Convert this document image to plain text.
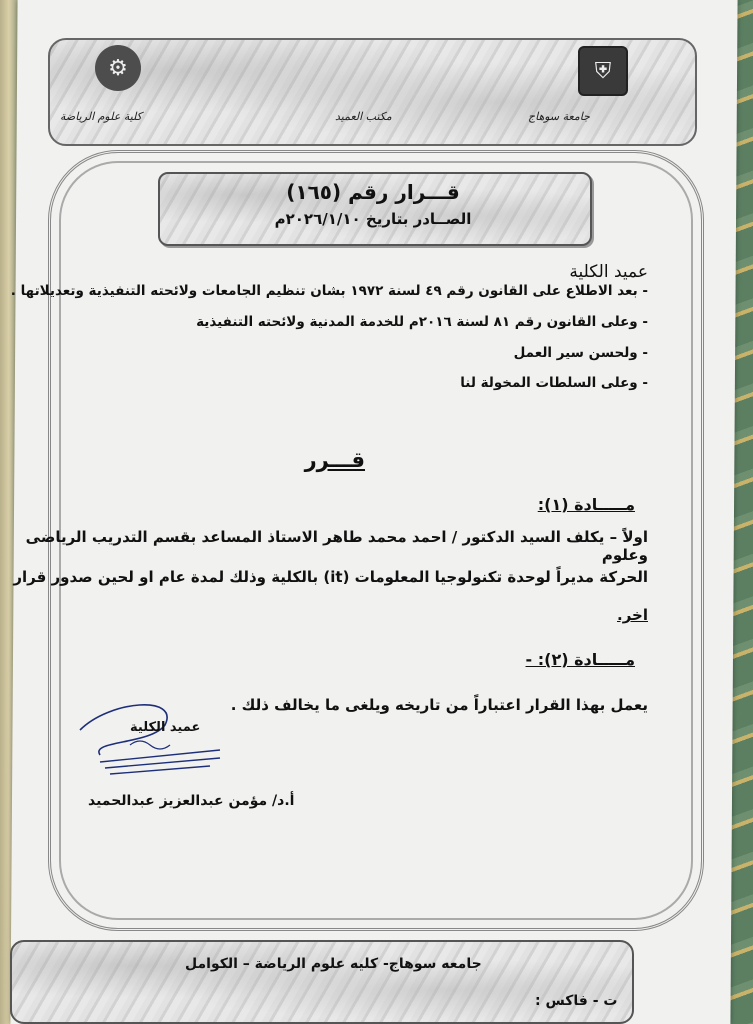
⚙	⛨
كلية علوم الرياضة	مكتب العميد	جامعة سوهاج
قـــرار رقم (١٦٥)
الصــادر بتاريخ ٢٠٢٦/١/١٠م
عميد الكلية
- بعد الاطلاع على القانون رقم ٤٩ لسنة ١٩٧٢ بشان تنظيم الجامعات ولائحته التنفيذية وتعديلاتها .
- وعلى القانون رقم ٨١ لسنة ٢٠١٦م للخدمة المدنية ولائحته التنفيذية
- ولحسن سير العمل
- وعلى السلطات المخولة لنا
قـــرر
مـــــادة (١):
اولاً – يكلف السيد الدكتور / احمد محمد طاهر الاستاذ المساعد بقسم التدريب الرياضى وعلوم
الحركة مديراً لوحدة تكنولوجيا المعلومات (it) بالكلية وذلك لمدة عام او لحين صدور قرار
اخر.
مـــــادة (٢): -
يعمل بهذا القرار اعتباراً من تاريخه ويلغى ما يخالف ذلك .
عميد الكلية
أ.د/ مؤمن عبدالعزيز عبدالحميد
جامعه سوهاج- كليه علوم الرياضة – الكوامل
ت - فاكس :
